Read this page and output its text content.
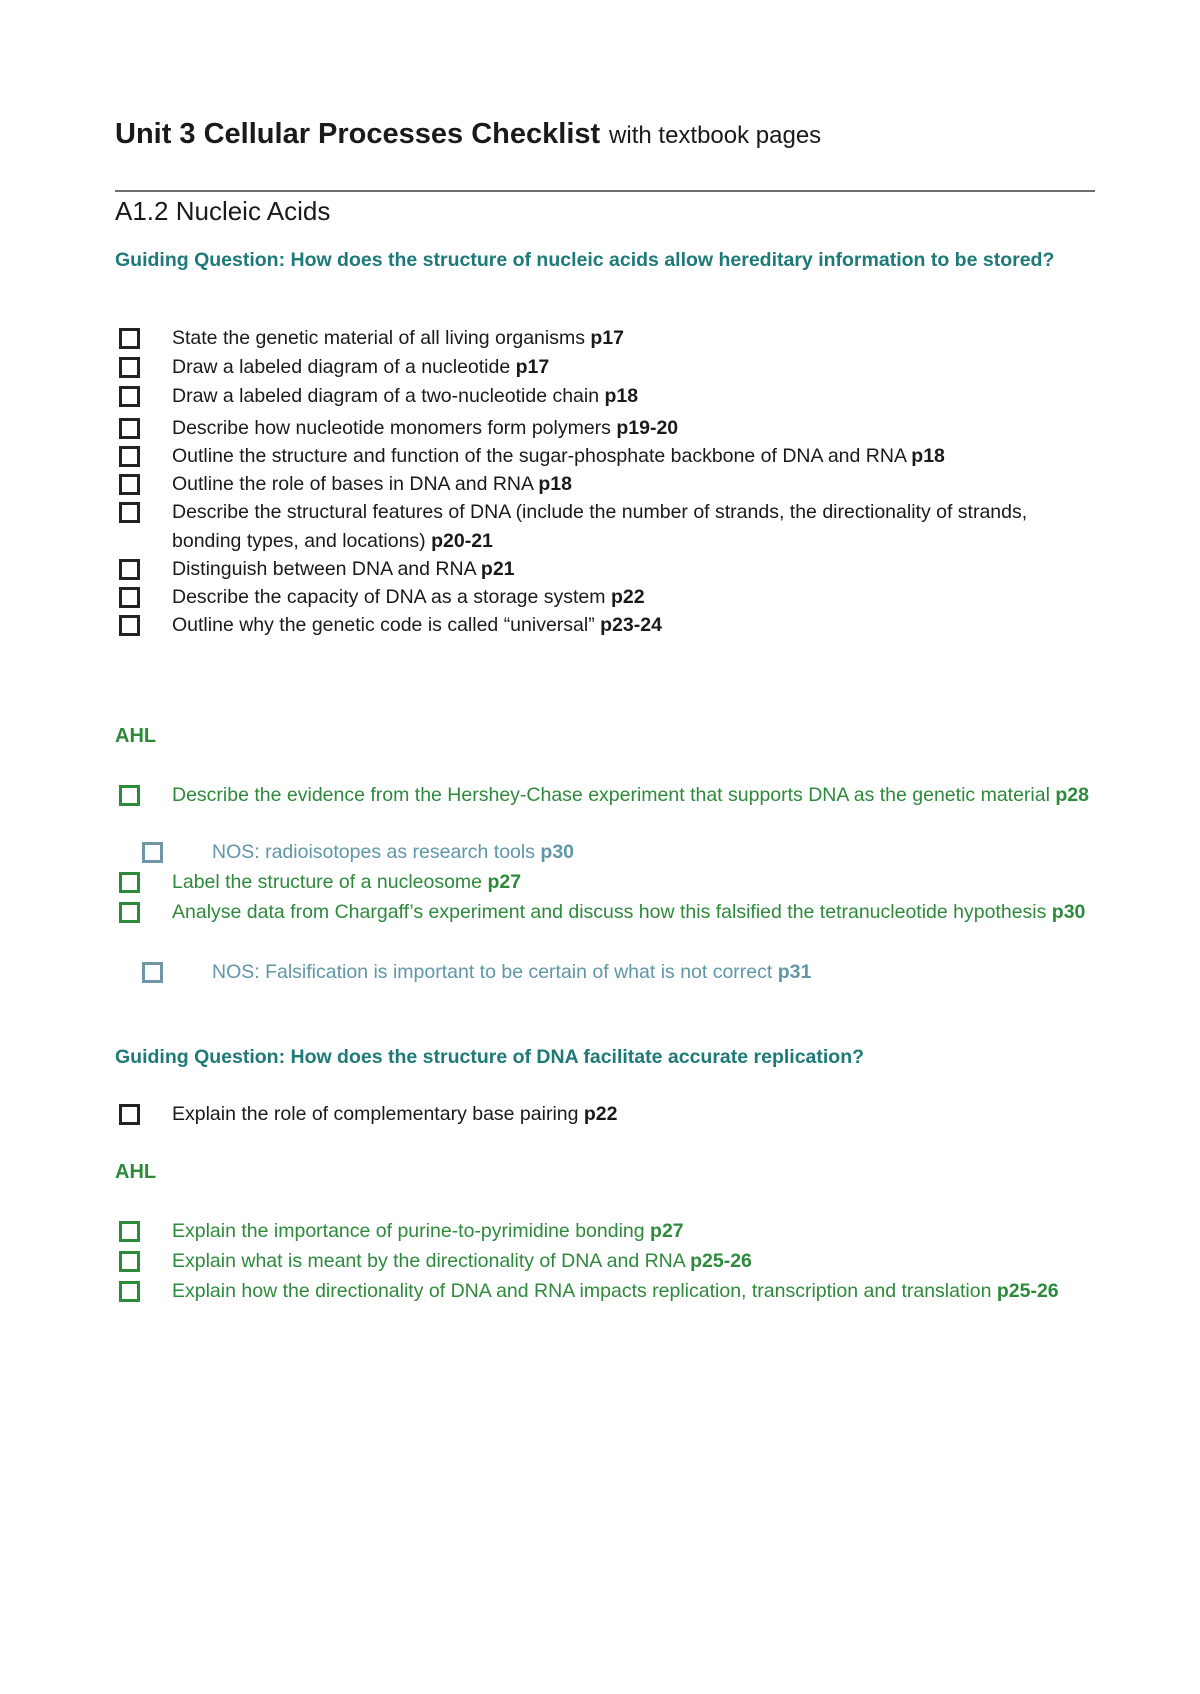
Unit 3 Cellular Processes Checklist with textbook pages
A1.2 Nucleic Acids

Guiding Question: How does the structure of nucleic acids allow hereditary information to be stored?

State the genetic material of all living organisms p17
Draw a labeled diagram of a nucleotide p17
Draw a labeled diagram of a two-nucleotide chain p18
Describe how nucleotide monomers form polymers p19-20
Outline the structure and function of the sugar-phosphate backbone of DNA and RNA p18
Outline the role of bases in DNA and RNA p18
Describe the structural features of DNA (include the number of strands, the directionality of strands, bonding types, and locations) p20-21
Distinguish between DNA and RNA p21
Describe the capacity of DNA as a storage system p22
Outline why the genetic code is called “universal” p23-24

AHL

Describe the evidence from the Hershey-Chase experiment that supports DNA as the genetic material p28
NOS: radioisotopes as research tools p30
Label the structure of a nucleosome p27
Analyse data from Chargaff’s experiment and discuss how this falsified the tetranucleotide hypothesis p30
NOS: Falsification is important to be certain of what is not correct p31

Guiding Question: How does the structure of DNA facilitate accurate replication?

Explain the role of complementary base pairing p22

AHL

Explain the importance of purine-to-pyrimidine bonding p27
Explain what is meant by the directionality of DNA and RNA p25-26
Explain how the directionality of DNA and RNA impacts replication, transcription and translation p25-26
